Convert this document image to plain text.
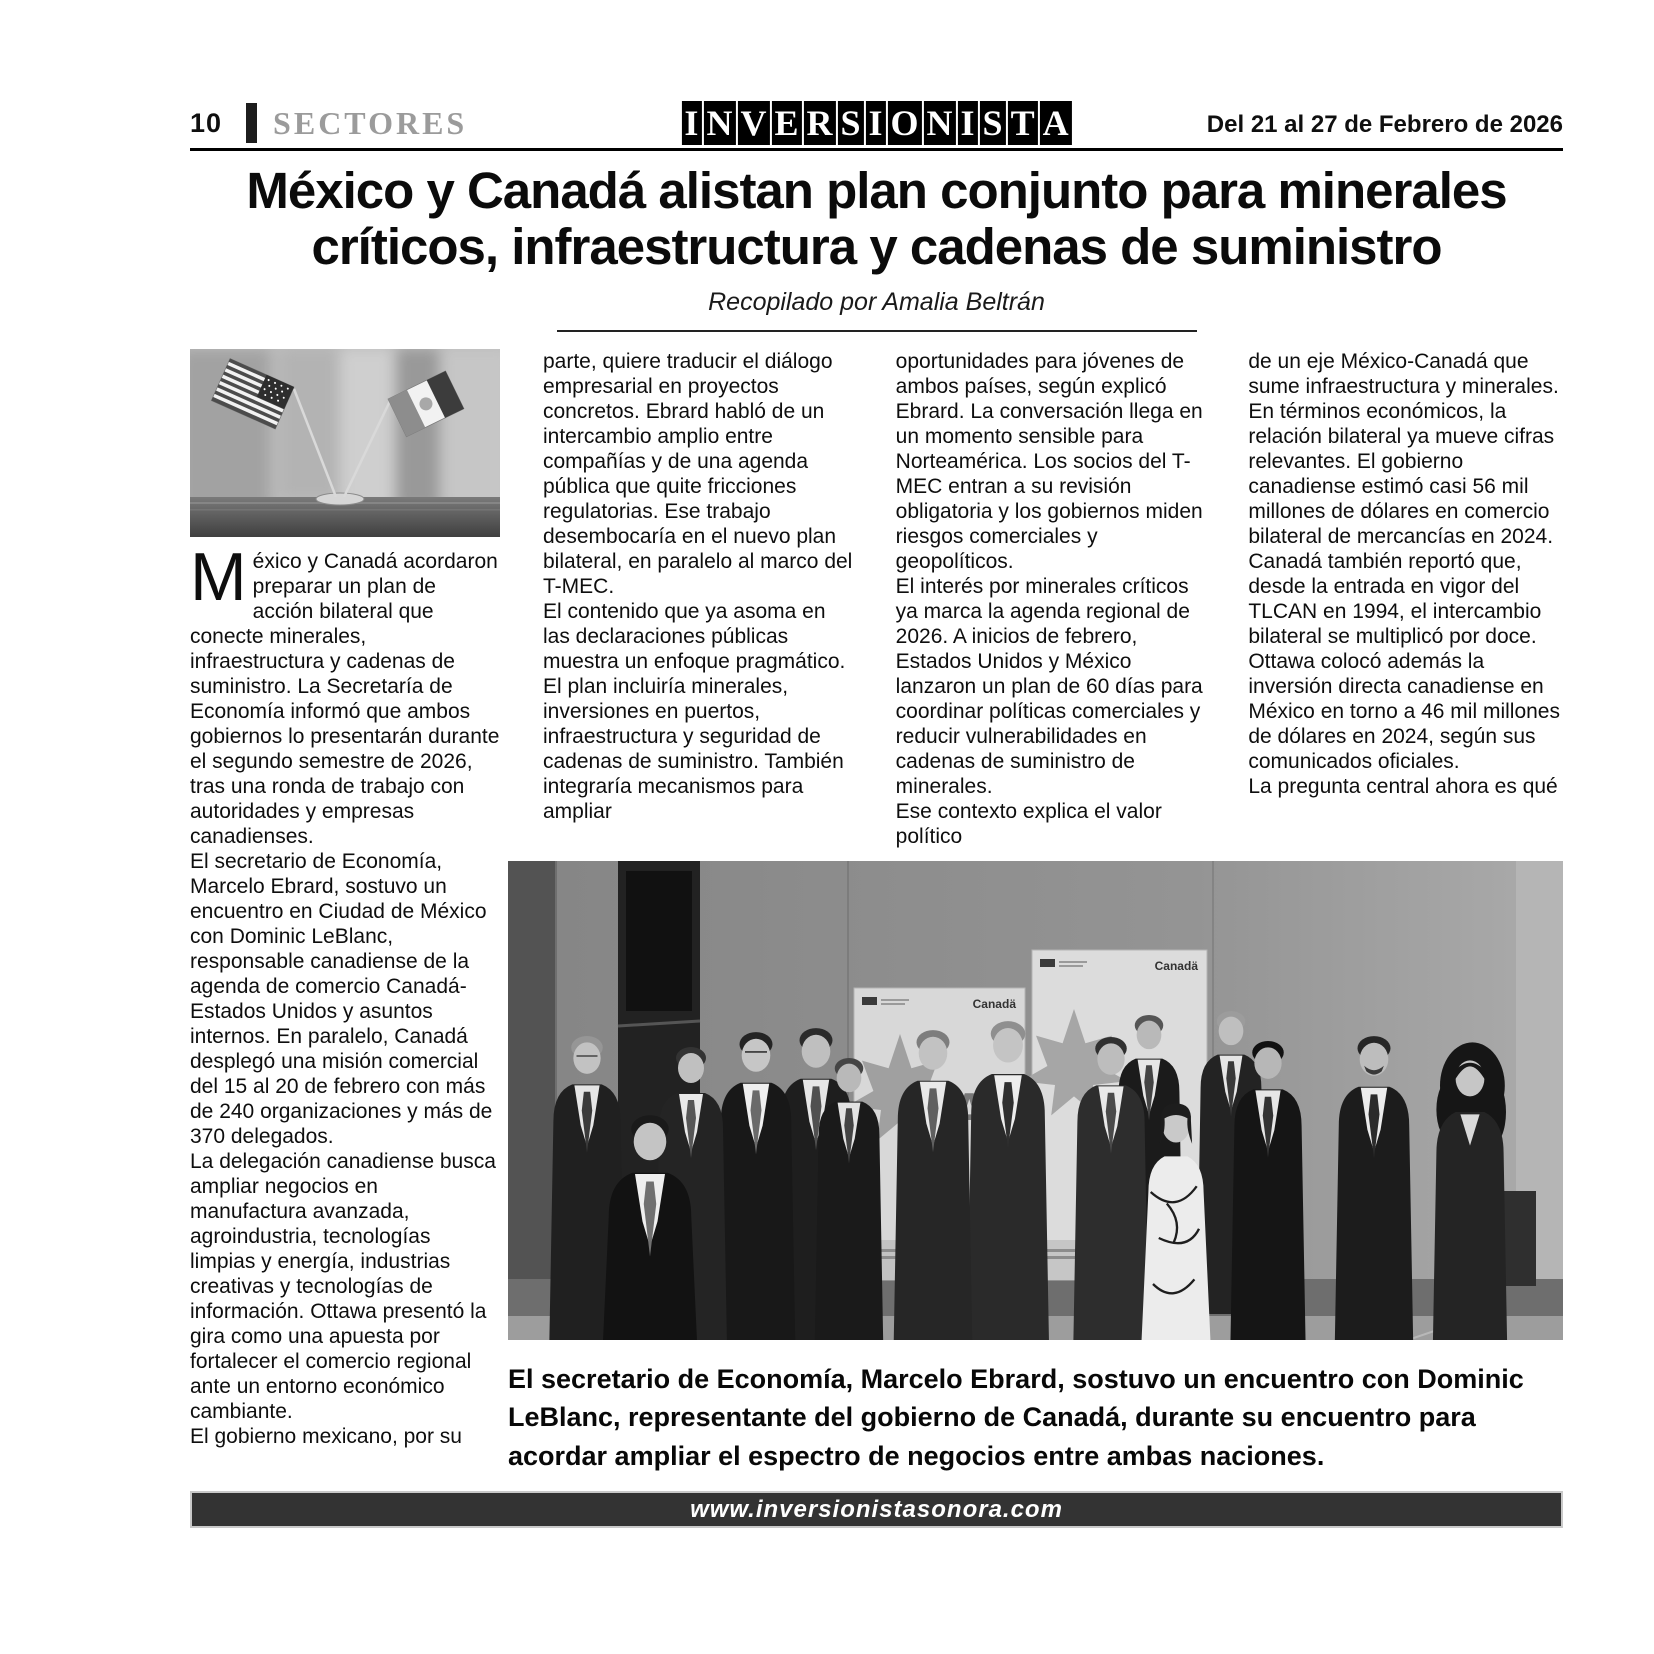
10 SECTORES	I N V E R S I O N I S T A	Del 21 al 27 de Febrero de 2026
México y Canadá alistan plan conjunto para minerales
críticos, infraestructura y cadenas de suministro
Recopilado por Amalia Beltrán

México y Canadá acordaron preparar un plan de acción bilateral que conecte minerales, infraestructura y cadenas de suministro. La Secretaría de Economía informó que ambos gobiernos lo presentarán durante el segundo semestre de 2026, tras una ronda de trabajo con autoridades y empresas canadienses.

El secretario de Economía, Marcelo Ebrard, sostuvo un encuentro en Ciudad de México con Dominic LeBlanc, responsable canadiense de la agenda de comercio Canadá-Estados Unidos y asuntos internos. En paralelo, Canadá desplegó una misión comercial del 15 al 20 de febrero con más de 240 organizaciones y más de 370 delegados.

La delegación canadiense busca ampliar negocios en manufactura avanzada, agroindustria, tecnologías limpias y energía, industrias creativas y tecnologías de información. Ottawa presentó la gira como una apuesta por fortalecer el comercio regional ante un entorno económico cambiante.

El gobierno mexicano, por su

parte, quiere traducir el diálogo empresarial en proyectos concretos. Ebrard habló de un intercambio amplio entre compañías y de una agenda pública que quite fricciones regulatorias. Ese trabajo desembocaría en el nuevo plan bilateral, en paralelo al marco del T-MEC.

El contenido que ya asoma en las declaraciones públicas muestra un enfoque pragmático. El plan incluiría minerales, inversiones en puertos, infraestructura y seguridad de cadenas de suministro. También integraría mecanismos para ampliar

oportunidades para jóvenes de ambos países, según explicó Ebrard. La conversación llega en un momento sensible para Norteamérica. Los socios del T-MEC entran a su revisión obligatoria y los gobiernos miden riesgos comerciales y geopolíticos.

El interés por minerales críticos ya marca la agenda regional de 2026. A inicios de febrero, Estados Unidos y México lanzaron un plan de 60 días para coordinar políticas comerciales y reducir vulnerabilidades en cadenas de suministro de minerales.

Ese contexto explica el valor político

de un eje México-Canadá que sume infraestructura y minerales. En términos económicos, la relación bilateral ya mueve cifras relevantes. El gobierno canadiense estimó casi 56 mil millones de dólares en comercio bilateral de mercancías en 2024. Canadá también reportó que, desde la entrada en vigor del TLCAN en 1994, el intercambio bilateral se multiplicó por doce. Ottawa colocó además la inversión directa canadiense en México en torno a 46 mil millones de dólares en 2024, según sus comunicados oficiales.

La pregunta central ahora es qué

Canadä
Canadä
El secretario de Economía, Marcelo Ebrard, sostuvo un encuentro con Dominic LeBlanc, representante del gobierno de Canadá, durante su encuentro para acordar ampliar el espectro de negocios entre ambas naciones.
www.inversionistasonora.com
